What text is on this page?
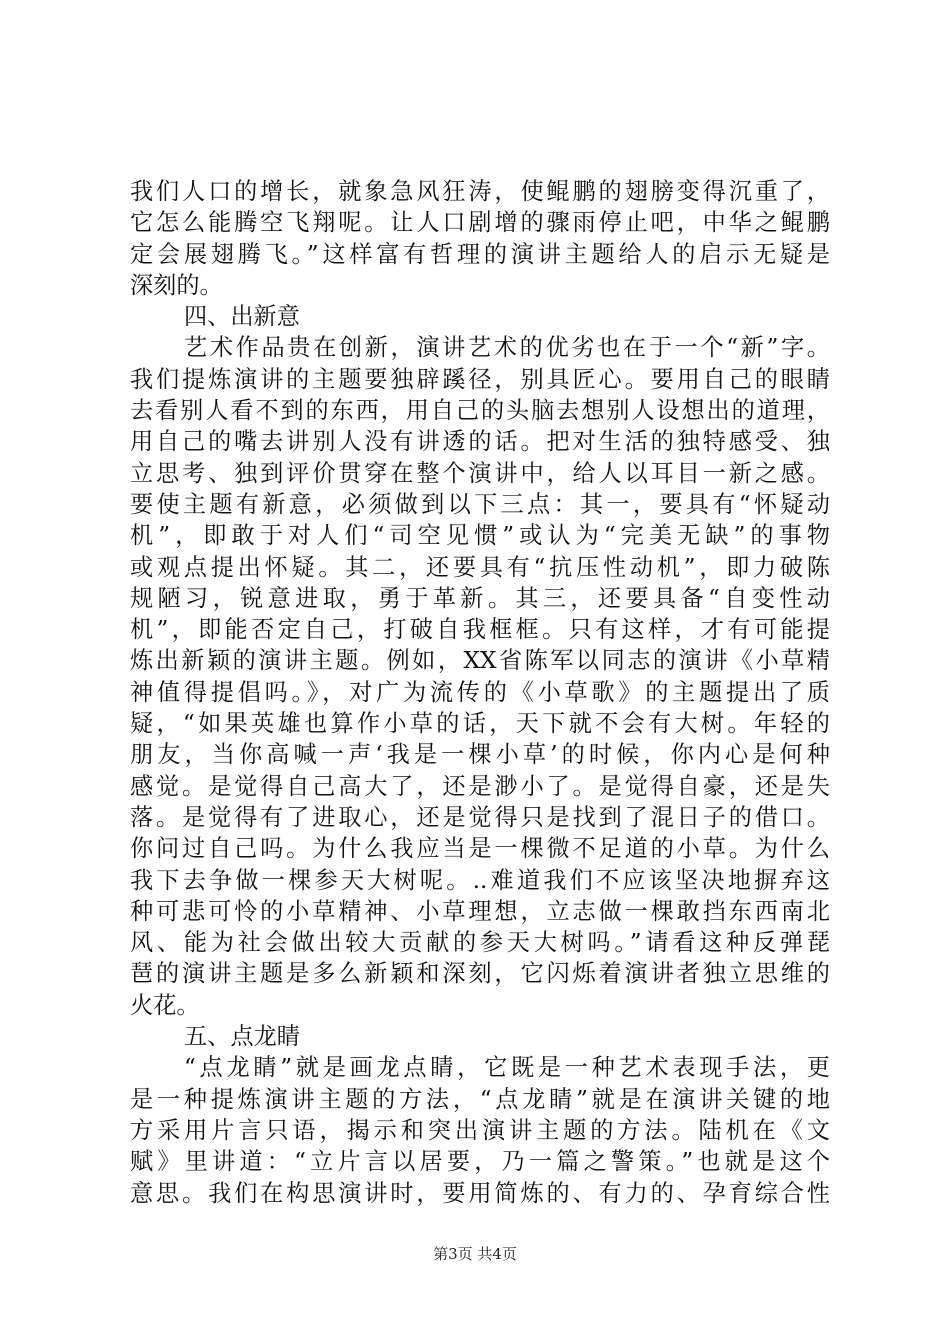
我们人口的增长，就象急风狂涛，使鲲鹏的翅膀变得沉重了，
它怎么能腾空飞翔呢。让人口剧增的骤雨停止吧，中华之鲲鹏
定会展翅腾飞。”这样富有哲理的演讲主题给人的启示无疑是
深刻的。
四、出新意
艺术作品贵在创新，演讲艺术的优劣也在于一个“新”字。
我们提炼演讲的主题要独辟蹊径，别具匠心。要用自己的眼睛
去看别人看不到的东西，用自己的头脑去想别人设想出的道理，
用自己的嘴去讲别人没有讲透的话。把对生活的独特感受、独
立思考、独到评价贯穿在整个演讲中，给人以耳目一新之感。
要使主题有新意，必须做到以下三点：其一，要具有“怀疑动
机”，即敢于对人们“司空见惯”或认为“完美无缺”的事物
或观点提出怀疑。其二，还要具有“抗压性动机”，即力破陈
规陋习，锐意进取，勇于革新。其三，还要具备“自变性动
机”，即能否定自己，打破自我框框。只有这样，才有可能提
炼出新颖的演讲主题。例如，XX省陈军以同志的演讲《小草精
神值得提倡吗。》，对广为流传的《小草歌》的主题提出了质
疑，“如果英雄也算作小草的话，天下就不会有大树。年轻的
朋友，当你高喊一声‘我是一棵小草’的时候，你内心是何种
感觉。是觉得自己高大了，还是渺小了。是觉得自豪，还是失
落。是觉得有了进取心，还是觉得只是找到了混日子的借口。
你问过自己吗。为什么我应当是一棵微不足道的小草。为什么
我下去争做一棵参天大树呢。..难道我们不应该坚决地摒弃这
种可悲可怜的小草精神、小草理想，立志做一棵敢挡东西南北
风、能为社会做出较大贡献的参天大树吗。”请看这种反弹琵
琶的演讲主题是多么新颖和深刻，它闪烁着演讲者独立思维的
火花。
五、点龙睛
“点龙睛”就是画龙点睛，它既是一种艺术表现手法，更
是一种提炼演讲主题的方法，“点龙睛”就是在演讲关键的地
方采用片言只语，揭示和突出演讲主题的方法。陆机在《文
赋》里讲道：“立片言以居要，乃一篇之警策。”也就是这个
意思。我们在构思演讲时，要用简炼的、有力的、孕育综合性
第3页 共4页
